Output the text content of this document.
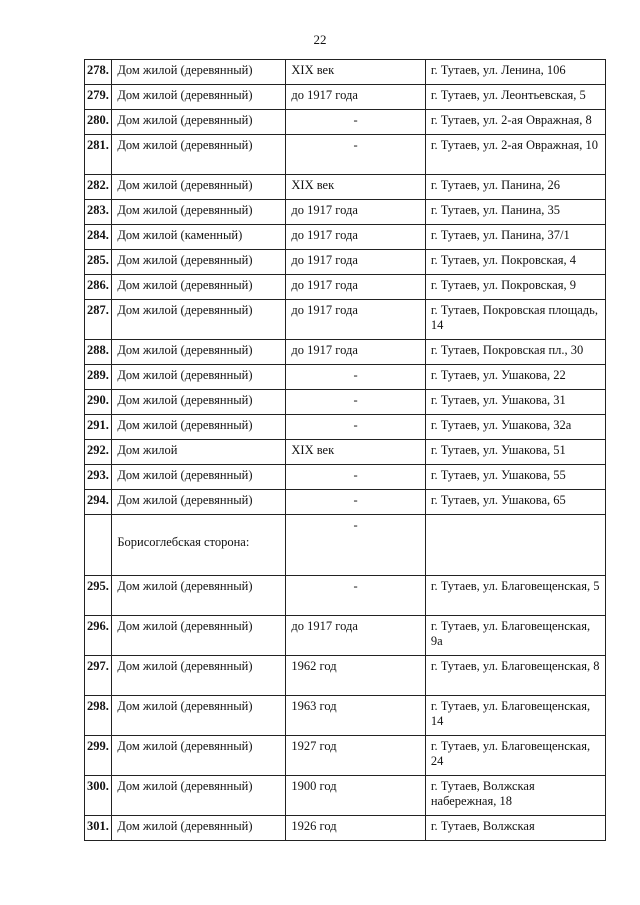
22
278.	Дом жилой (деревянный)	XIX век	г. Тутаев, ул. Ленина, 106
279.	Дом жилой (деревянный)	до 1917 года	г. Тутаев, ул. Леонтьевская, 5
280.	Дом жилой (деревянный)	-	г. Тутаев, ул. 2-ая Овражная, 8
281.	Дом жилой (деревянный)	-	г. Тутаев, ул. 2-ая Овражная, 10
282.	Дом жилой (деревянный)	XIX век	г. Тутаев, ул. Панина, 26
283.	Дом жилой (деревянный)	до 1917 года	г. Тутаев, ул. Панина, 35
284.	Дом жилой (каменный)	до 1917 года	г. Тутаев, ул. Панина, 37/1
285.	Дом жилой (деревянный)	до 1917 года	г. Тутаев, ул. Покровская, 4
286.	Дом жилой (деревянный)	до 1917 года	г. Тутаев, ул. Покровская, 9
287.	Дом жилой (деревянный)	до 1917 года	г. Тутаев, Покровская площадь, 14
288.	Дом жилой (деревянный)	до 1917 года	г. Тутаев, Покровская пл., 30
289.	Дом жилой (деревянный)	-	г. Тутаев, ул. Ушакова, 22
290.	Дом жилой (деревянный)	-	г. Тутаев, ул. Ушакова, 31
291.	Дом жилой (деревянный)	-	г. Тутаев, ул. Ушакова, 32а
292.	Дом жилой	XIX век	г. Тутаев, ул. Ушакова, 51
293.	Дом жилой (деревянный)	-	г. Тутаев, ул. Ушакова, 55
294.	Дом жилой (деревянный)	-	г. Тутаев, ул. Ушакова, 65
	Борисоглебская сторона:	-	
295.	Дом жилой (деревянный)	-	г. Тутаев, ул. Благовещенская, 5
296.	Дом жилой (деревянный)	до 1917 года	г. Тутаев, ул. Благовещенская, 9а
297.	Дом жилой (деревянный)	1962 год	г. Тутаев, ул. Благовещенская, 8
298.	Дом жилой (деревянный)	1963 год	г. Тутаев, ул. Благовещенская, 14
299.	Дом жилой (деревянный)	1927 год	г. Тутаев, ул. Благовещенская, 24
300.	Дом жилой (деревянный)	1900 год	г. Тутаев, Волжская набережная, 18
301.	Дом жилой (деревянный)	1926 год	г. Тутаев, Волжская
